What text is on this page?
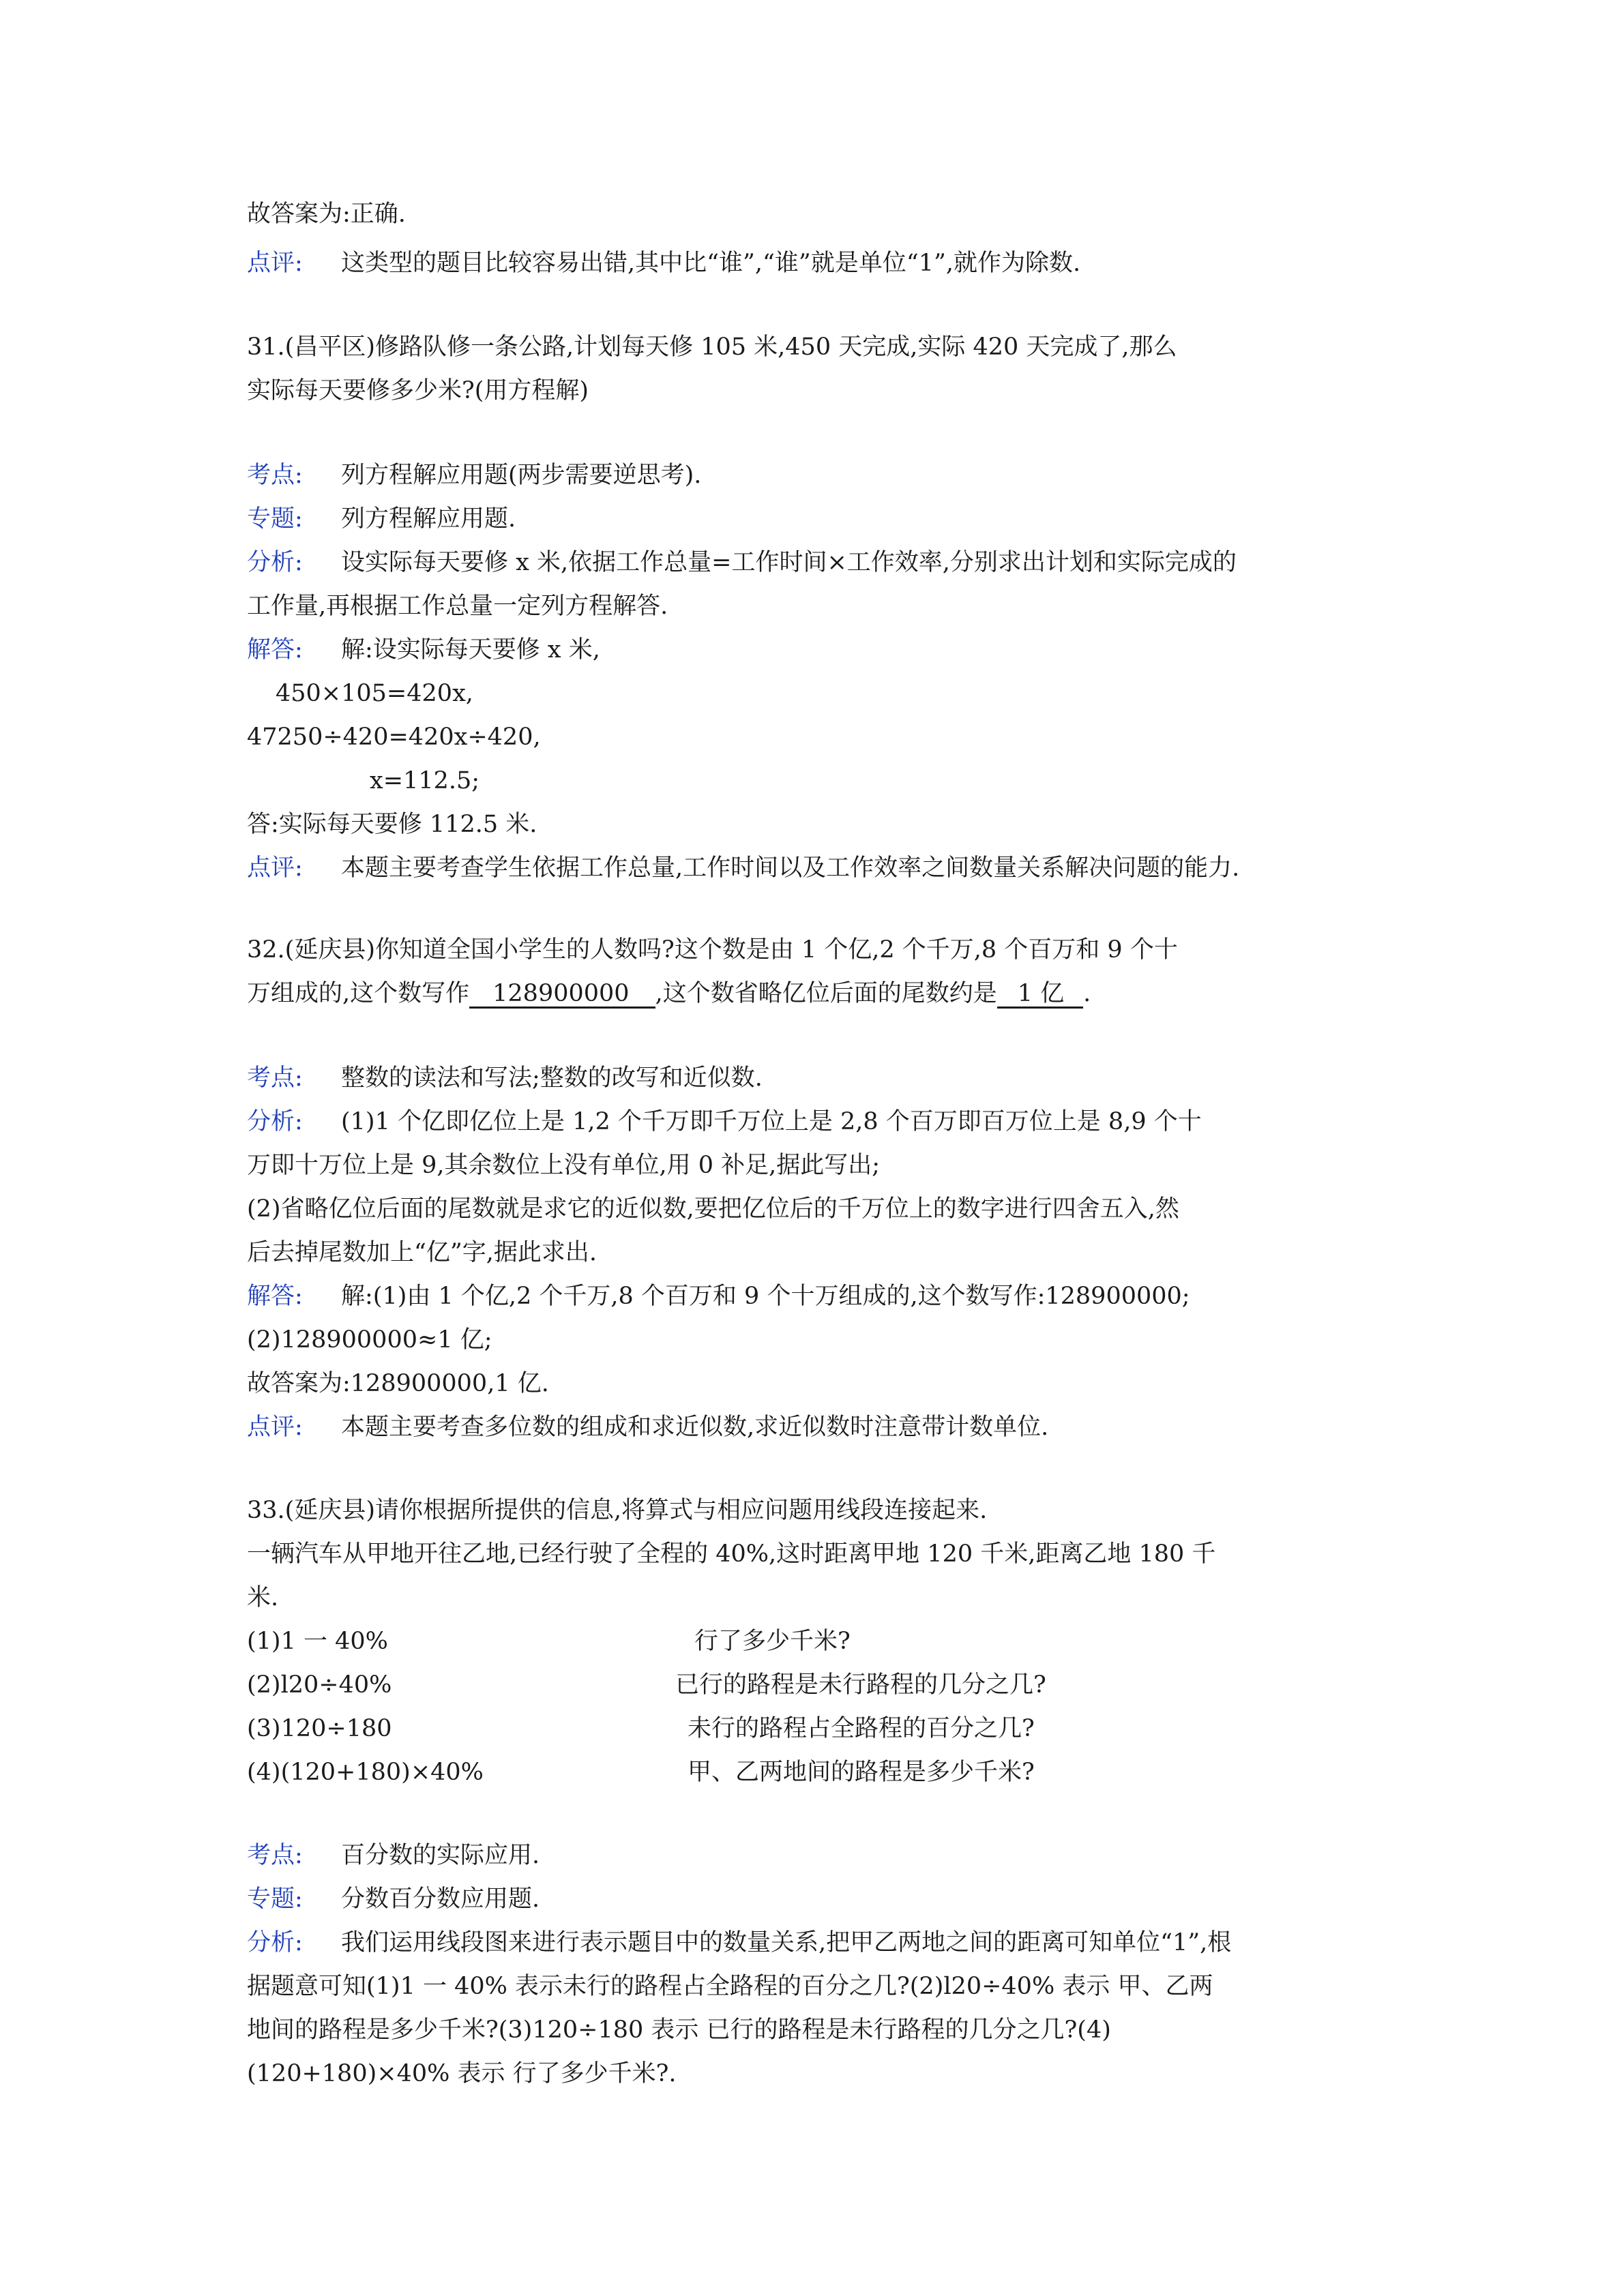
故答案为:正确.
点评: 这类型的题目比较容易出错,其中比“谁”,“谁”就是单位“1”,就作为除数.
31.(昌平区)修路队修一条公路,计划每天修 105 米,450 天完成,实际 420 天完成了,那么
实际每天要修多少米?(用方程解)
考点: 列方程解应用题(两步需要逆思考).
专题: 列方程解应用题.
分析: 设实际每天要修 x 米,依据工作总量=工作时间×工作效率,分别求出计划和实际完成的
工作量,再根据工作总量一定列方程解答.
解答: 解:设实际每天要修 x 米,
450×105=420x,
47250÷420=420x÷420,
x=112.5;
答:实际每天要修 112.5 米.
点评: 本题主要考查学生依据工作总量,工作时间以及工作效率之间数量关系解决问题的能力.
32.(延庆县)你知道全国小学生的人数吗?这个数是由 1 个亿,2 个千万,8 个百万和 9 个十
万组成的,这个数写作 128900000 ,这个数省略亿位后面的尾数约是 1 亿 .
考点: 整数的读法和写法;整数的改写和近似数.
分析: (1)1 个亿即亿位上是 1,2 个千万即千万位上是 2,8 个百万即百万位上是 8,9 个十
万即十万位上是 9,其余数位上没有单位,用 0 补足,据此写出;
(2)省略亿位后面的尾数就是求它的近似数,要把亿位后的千万位上的数字进行四舍五入,然
后去掉尾数加上“亿”字,据此求出.
解答: 解:(1)由 1 个亿,2 个千万,8 个百万和 9 个十万组成的,这个数写作:128900000;
(2)128900000≈1 亿;
故答案为:128900000,1 亿.
点评: 本题主要考查多位数的组成和求近似数,求近似数时注意带计数单位.
33.(延庆县)请你根据所提供的信息,将算式与相应问题用线段连接起来.
一辆汽车从甲地开往乙地,已经行驶了全程的 40%,这时距离甲地 120 千米,距离乙地 180 千
米.
(1)1 一 40%	行了多少千米?
(2)l20÷40%	已行的路程是未行路程的几分之几?
(3)120÷180	未行的路程占全路程的百分之几?
(4)(120+180)×40%	甲、乙两地间的路程是多少千米?
考点: 百分数的实际应用.
专题: 分数百分数应用题.
分析: 我们运用线段图来进行表示题目中的数量关系,把甲乙两地之间的距离可知单位“1”,根
据题意可知(1)1 一 40% 表示未行的路程占全路程的百分之几?(2)l20÷40% 表示 甲、乙两
地间的路程是多少千米?(3)120÷180 表示 已行的路程是未行路程的几分之几?(4)
(120+180)×40% 表示 行了多少千米?.
